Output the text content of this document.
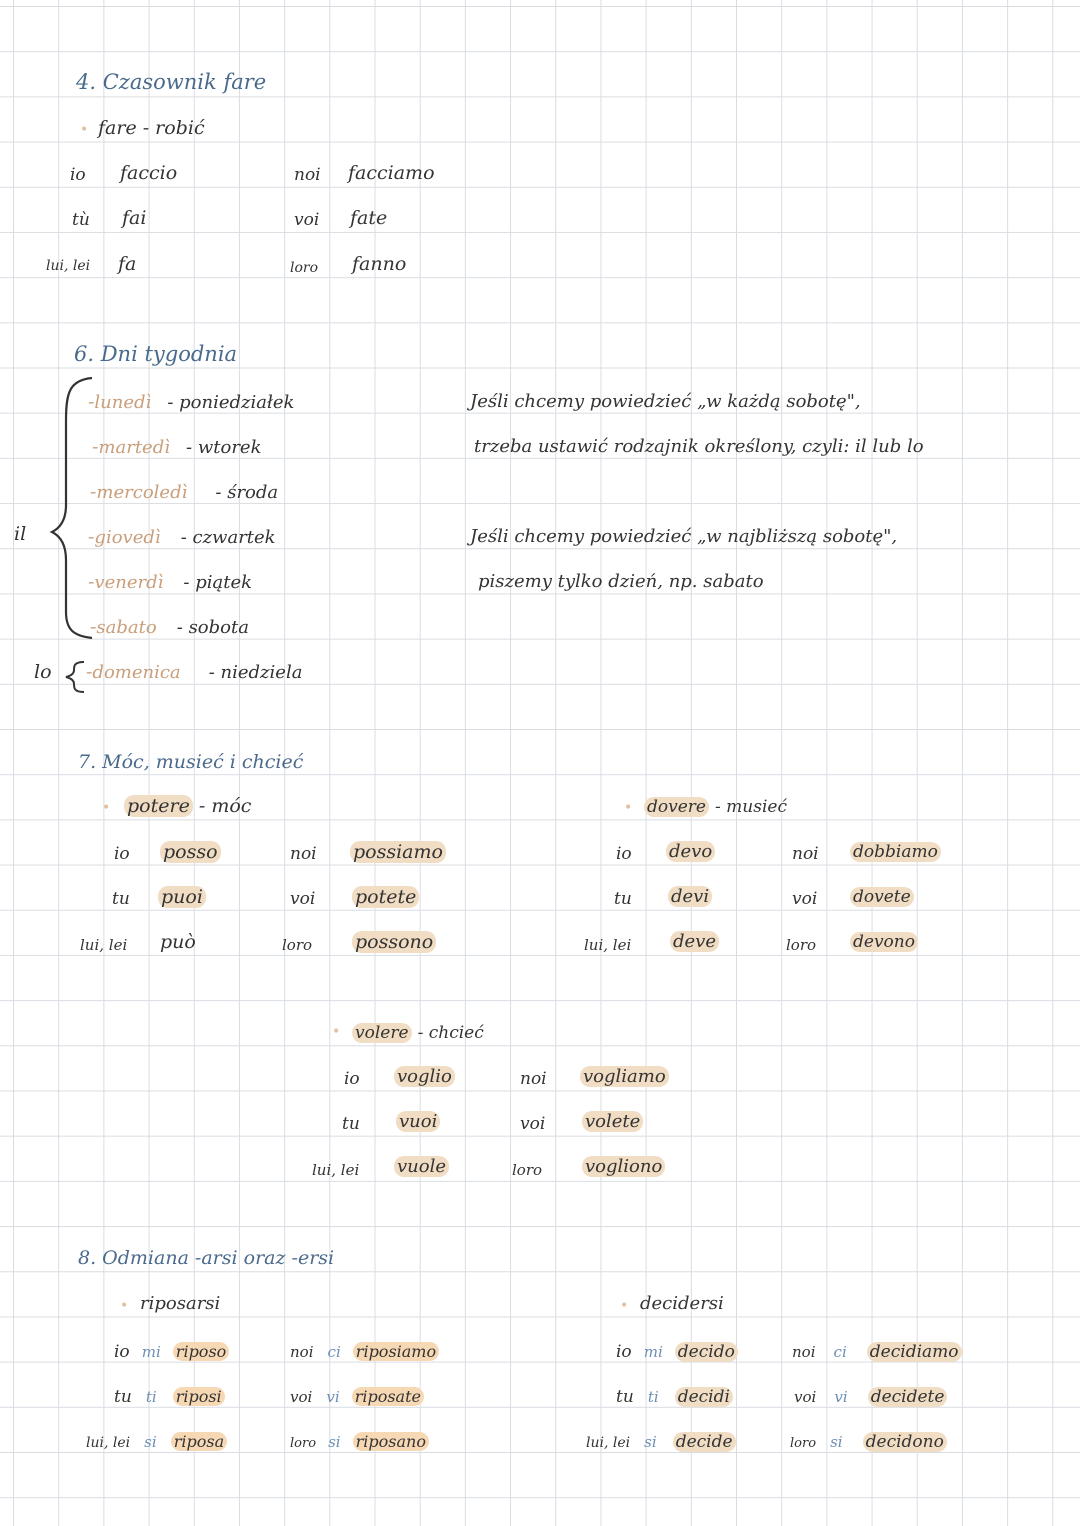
4. Czasownik fare
• fare - robić
io faccio	noi facciamo
tù fai	voi fate
lui, lei fa	loro fanno
6. Dni tygodnia
il
lo
-lunedì - poniedziałek
-martedì - wtorek
-mercoledì - środa
-giovedì - czwartek
-venerdì - piątek
-sabato - sobota
-domenica - niedziela
Jeśli chcemy powiedzieć „w każdą sobotę",
trzeba ustawić rodzajnik określony, czyli: il lub lo
Jeśli chcemy powiedzieć „w najbliższą sobotę",
piszemy tylko dzień, np. sabato
7. Móc, musieć i chcieć
• potere - móc
io posso	noi possiamo
tu puoi	voi potete
lui, lei può	loro possono
• dovere - musieć
io devo	noi dobbiamo
tu devi	voi dovete
lui, lei deve	loro devono
• volere - chcieć
io voglio	noi vogliamo
tu vuoi	voi volete
lui, lei vuole	loro vogliono
8. Odmiana -arsi oraz -ersi
• riposarsi
io mi riposo	noi ci riposiamo
tu ti riposi	voi vi riposate
lui, lei si riposa	loro si riposano
• decidersi
io mi decido	noi ci decidiamo
tu ti decidi	voi vi decidete
lui, lei si decide	loro si decidono
